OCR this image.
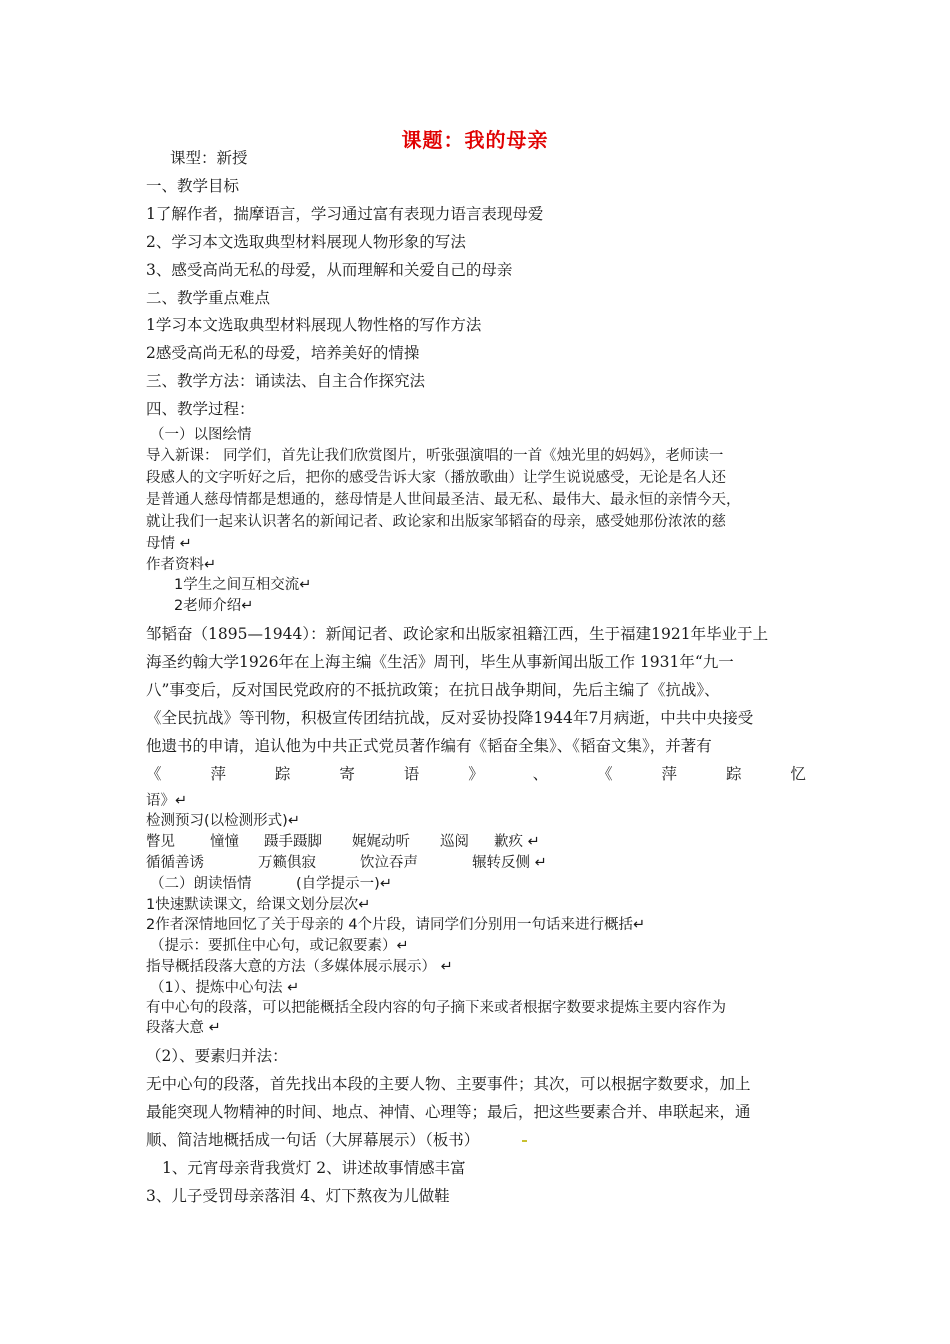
课题：我的母亲
课型：新授
一、教学目标
1了解作者，揣摩语言，学习通过富有表现力语言表现母爱
2、学习本文选取典型材料展现人物形象的写法
3、感受高尚无私的母爱，从而理解和关爱自己的母亲
二、教学重点难点
1学习本文选取典型材料展现人物性格的写作方法
2感受高尚无私的母爱，培养美好的情操
三、教学方法：诵读法、自主合作探究法
四、教学过程：
（一）以图绘情
导入新课： 同学们，首先让我们欣赏图片，听张强演唱的一首《烛光里的妈妈》，老师读一
段感人的文字听好之后，把你的感受告诉大家（播放歌曲）让学生说说感受，无论是名人还
是普通人慈母情都是想通的，慈母情是人世间最圣洁、最无私、最伟大、最永恒的亲情今天，
就让我们一起来认识著名的新闻记者、政论家和出版家邹韬奋的母亲，感受她那份浓浓的慈
母情 ↵
作者资料↵
1学生之间互相交流↵
2老师介绍↵
邹韬奋（1895—1944）：新闻记者、政论家和出版家祖籍江西，生于福建1921年毕业于上
海圣约翰大学1926年在上海主编《生活》周刊，毕生从事新闻出版工作 1931年“九一
八”事变后，反对国民党政府的不抵抗政策；在抗日战争期间，先后主编了《抗战》、
《全民抗战》等刊物，积极宣传团结抗战，反对妥协投降1944年7月病逝，中共中央接受
他遗书的申请，追认他为中共正式党员著作编有《韬奋全集》、《韬奋文集》，并著有
《	萍	踪	寄	语	》	、	《	萍	踪	忆
语》↵
检测预习(以检测形式)↵
瞥见 憧憧 蹑手蹑脚 娓娓动听 巡阅 歉疚 ↵
循循善诱	万籁俱寂	饮泣吞声	辗转反侧 ↵
（二）朗读悟情	(自学提示一)↵
1快速默读课文，给课文划分层次↵
2作者深情地回忆了关于母亲的 4个片段，请同学们分别用一句话来进行概括↵
（提示：要抓住中心句，或记叙要素）↵
指导概括段落大意的方法（多媒体展示展示） ↵
（1）、提炼中心句法 ↵
有中心句的段落，可以把能概括全段内容的句子摘下来或者根据字数要求提炼主要内容作为
段落大意 ↵
（2）、要素归并法：
无中心句的段落，首先找出本段的主要人物、主要事件；其次，可以根据字数要求，加上
最能突现人物精神的时间、地点、神情、心理等；最后，把这些要素合并、串联起来，通
顺、简洁地概括成一句话（大屏幕展示）（板书）
1、元宵母亲背我赏灯 2、讲述故事情感丰富
3、儿子受罚母亲落泪 4、灯下熬夜为儿做鞋
